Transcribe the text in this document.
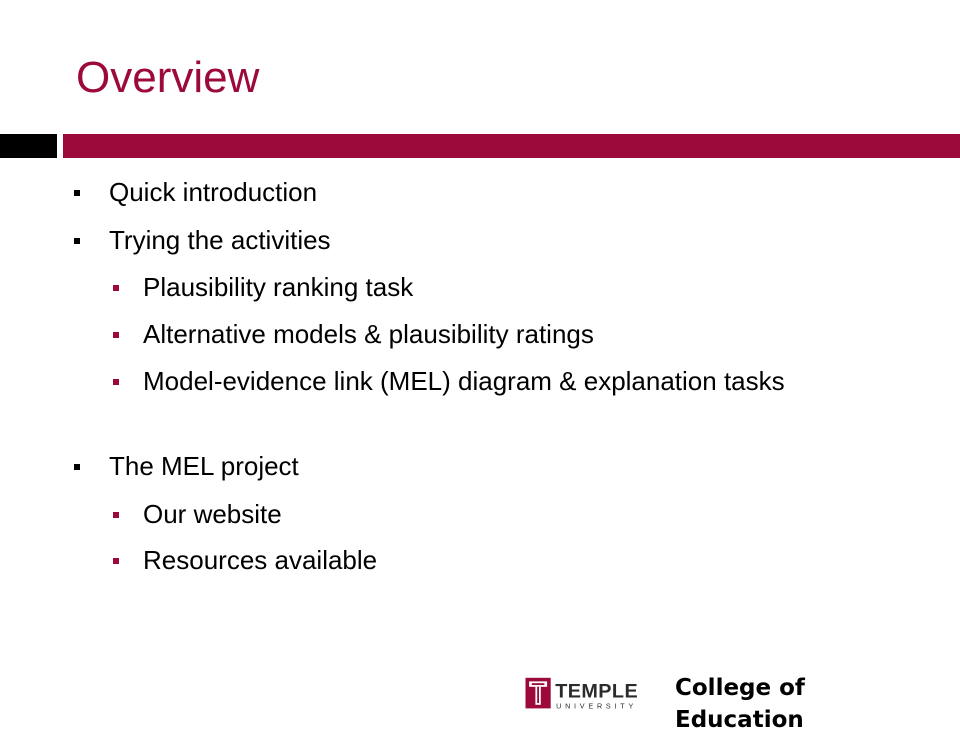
Overview
Quick introduction
Trying the activities
Plausibility ranking task
Alternative models & plausibility ratings
Model-evidence link (MEL) diagram & explanation tasks
The MEL project
Our website
Resources available
TEMPLE
UNIVERSITY
College of Education
